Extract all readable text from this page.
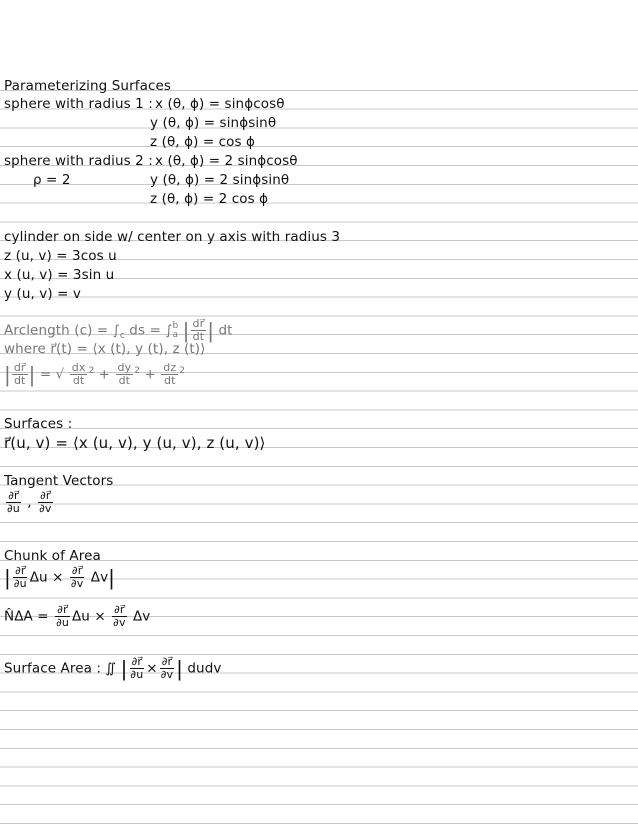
Parameterizing Surfaces
sphere with radius 1 : x (θ, ϕ) = sinϕcosθ
y (θ, ϕ) = sinϕsinθ
z (θ, ϕ) = cos ϕ
sphere with radius 2 : x (θ, ϕ) = 2 sinϕcosθ
ρ = 2	y (θ, ϕ) = 2 sinϕsinθ
z (θ, ϕ) = 2 cos ϕ
cylinder on side w/ center on y axis with radius 3
z (u, v) = 3cos u
x (u, v) = 3sin u
y (u, v) = v
Arclength $(c) = \int_c$ ds = ∫ b
a | $\frac{dr⃗}{dt}$ | dt
where r⃗(t) = ⟨x (t), y (t), z (t)⟩
| $\frac{dr⃗}{dt}$ | = √ $\frac{dx}{dt} ^2 + \frac{dy}{dt} ^2 + \frac{dz}{dt} ^2$
Surfaces :
r⃗(u, v) = ⟨x (u, v), y (u, v), z (u, v)⟩
Tangent Vectors
$\frac{\partial r⃗}{\partial u}$ , $\frac{\partial r⃗}{\partial v}$
Chunk of Area
| $\frac{\partial r⃗}{\partial u}$ $\Delta u \times \frac{\partial r⃗}{\partial v} \Delta v|$
N̂ΔA = $\frac{\partial r⃗}{\partial u}$ $\Delta u \times \frac{\partial r⃗}{\partial v}$ Δv
Surface Area : ∬ | $\frac{\partial r⃗}{\partial u} \times \frac{\partial r⃗}{\partial v}$ | dudv
